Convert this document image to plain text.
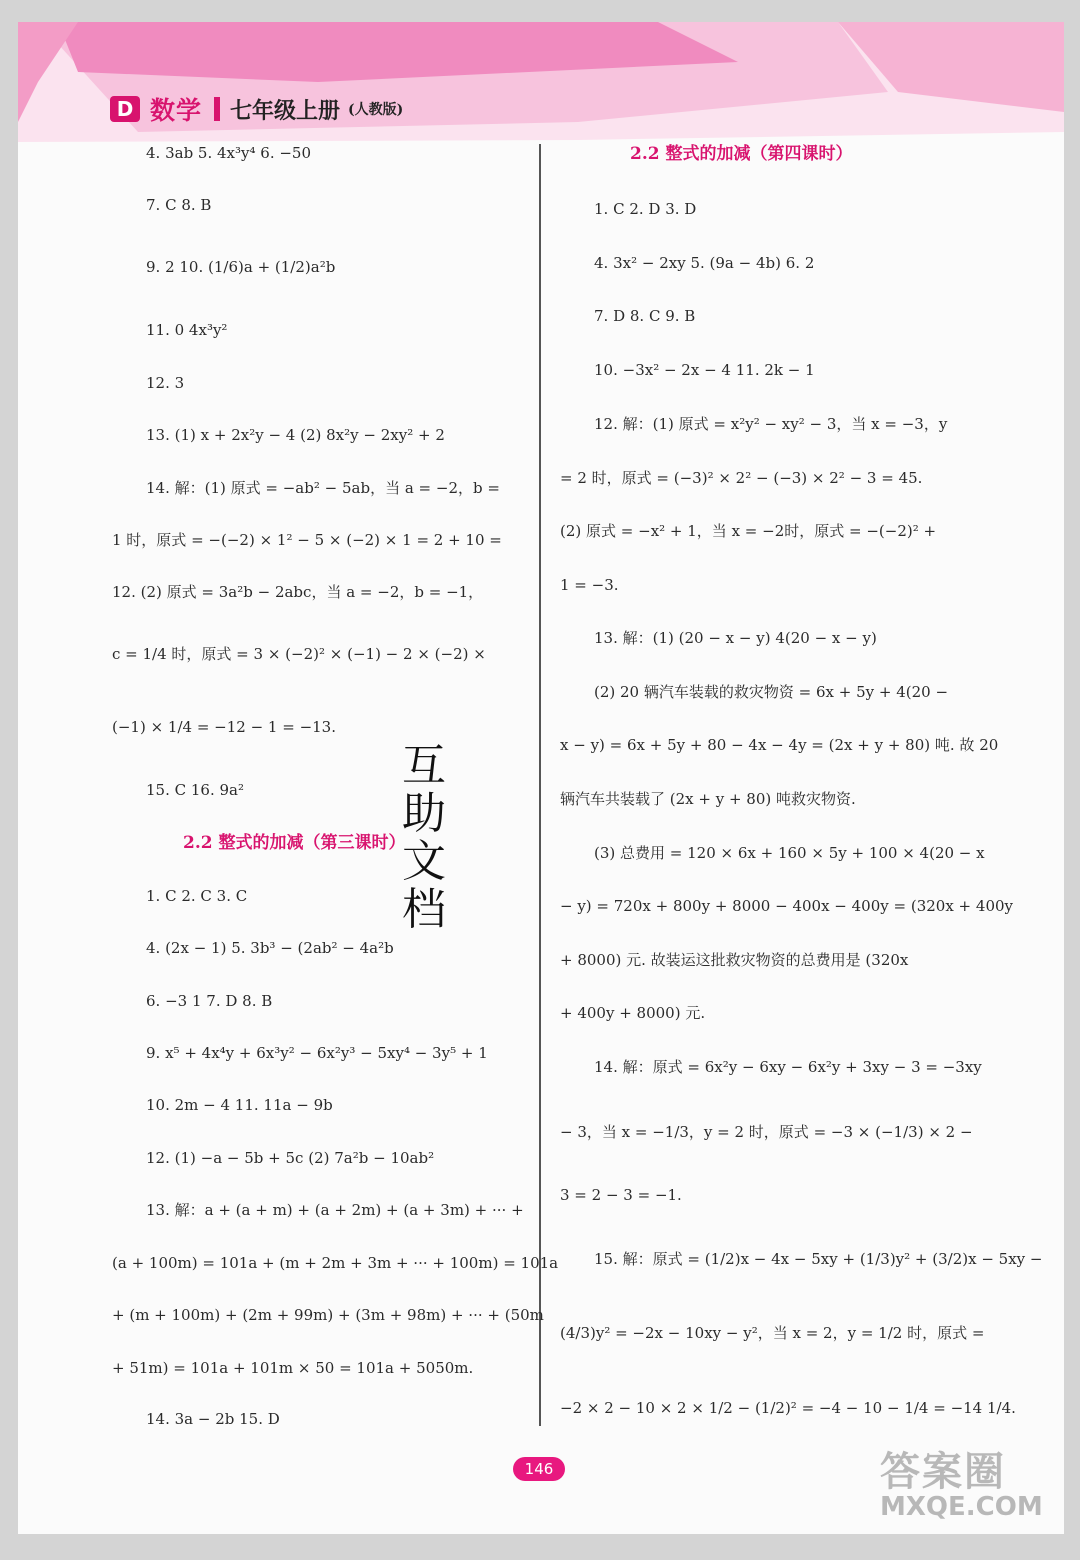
D 数学 七年级上册 (人教版)
4. 3ab 5. 4x³y⁴ 6. −50
7. C 8. B
9. 2 10. (1/6)a + (1/2)a²b
11. 0 4x³y²
12. 3
13. (1) x + 2x²y − 4 (2) 8x²y − 2xy² + 2
14. 解：(1) 原式 = −ab² − 5ab，当 a = −2，b =
1 时，原式 = −(−2) × 1² − 5 × (−2) × 1 = 2 + 10 =
12. (2) 原式 = 3a²b − 2abc，当 a = −2，b = −1，
c = 1/4 时，原式 = 3 × (−2)² × (−1) − 2 × (−2) ×
(−1) × 1/4 = −12 − 1 = −13.
15. C 16. 9a²
2.2 整式的加减（第三课时）
1. C 2. C 3. C
4. (2x − 1) 5. 3b³ − (2ab² − 4a²b
6. −3 1 7. D 8. B
9. x⁵ + 4x⁴y + 6x³y² − 6x²y³ − 5xy⁴ − 3y⁵ + 1
10. 2m − 4 11. 11a − 9b
12. (1) −a − 5b + 5c (2) 7a²b − 10ab²
13. 解：a + (a + m) + (a + 2m) + (a + 3m) + ··· +
(a + 100m) = 101a + (m + 2m + 3m + ··· + 100m) = 101a
+ (m + 100m) + (2m + 99m) + (3m + 98m) + ··· + (50m
+ 51m) = 101a + 101m × 50 = 101a + 5050m.
14. 3a − 2b 15. D
2.2 整式的加减（第四课时）
1. C 2. D 3. D
4. 3x² − 2xy 5. (9a − 4b) 6. 2
7. D 8. C 9. B
10. −3x² − 2x − 4 11. 2k − 1
12. 解：(1) 原式 = x²y² − xy² − 3，当 x = −3，y
= 2 时，原式 = (−3)² × 2² − (−3) × 2² − 3 = 45.
(2) 原式 = −x² + 1，当 x = −2时，原式 = −(−2)² +
1 = −3.
13. 解：(1) (20 − x − y) 4(20 − x − y)
(2) 20 辆汽车装载的救灾物资 = 6x + 5y + 4(20 −
x − y) = 6x + 5y + 80 − 4x − 4y = (2x + y + 80) 吨. 故 20
辆汽车共装载了 (2x + y + 80) 吨救灾物资.
(3) 总费用 = 120 × 6x + 160 × 5y + 100 × 4(20 − x
− y) = 720x + 800y + 8000 − 400x − 400y = (320x + 400y
+ 8000) 元. 故装运这批救灾物资的总费用是 (320x
+ 400y + 8000) 元.
14. 解：原式 = 6x²y − 6xy − 6x²y + 3xy − 3 = −3xy
− 3，当 x = −1/3，y = 2 时，原式 = −3 × (−1/3) × 2 −
3 = 2 − 3 = −1.
15. 解：原式 = (1/2)x − 4x − 5xy + (1/3)y² + (3/2)x − 5xy −
(4/3)y² = −2x − 10xy − y²，当 x = 2，y = 1/2 时，原式 =
−2 × 2 − 10 × 2 × 1/2 − (1/2)² = −4 − 10 − 1/4 = −14 1/4.
互
助
文
档
146	答案圈
MXQE.COM
